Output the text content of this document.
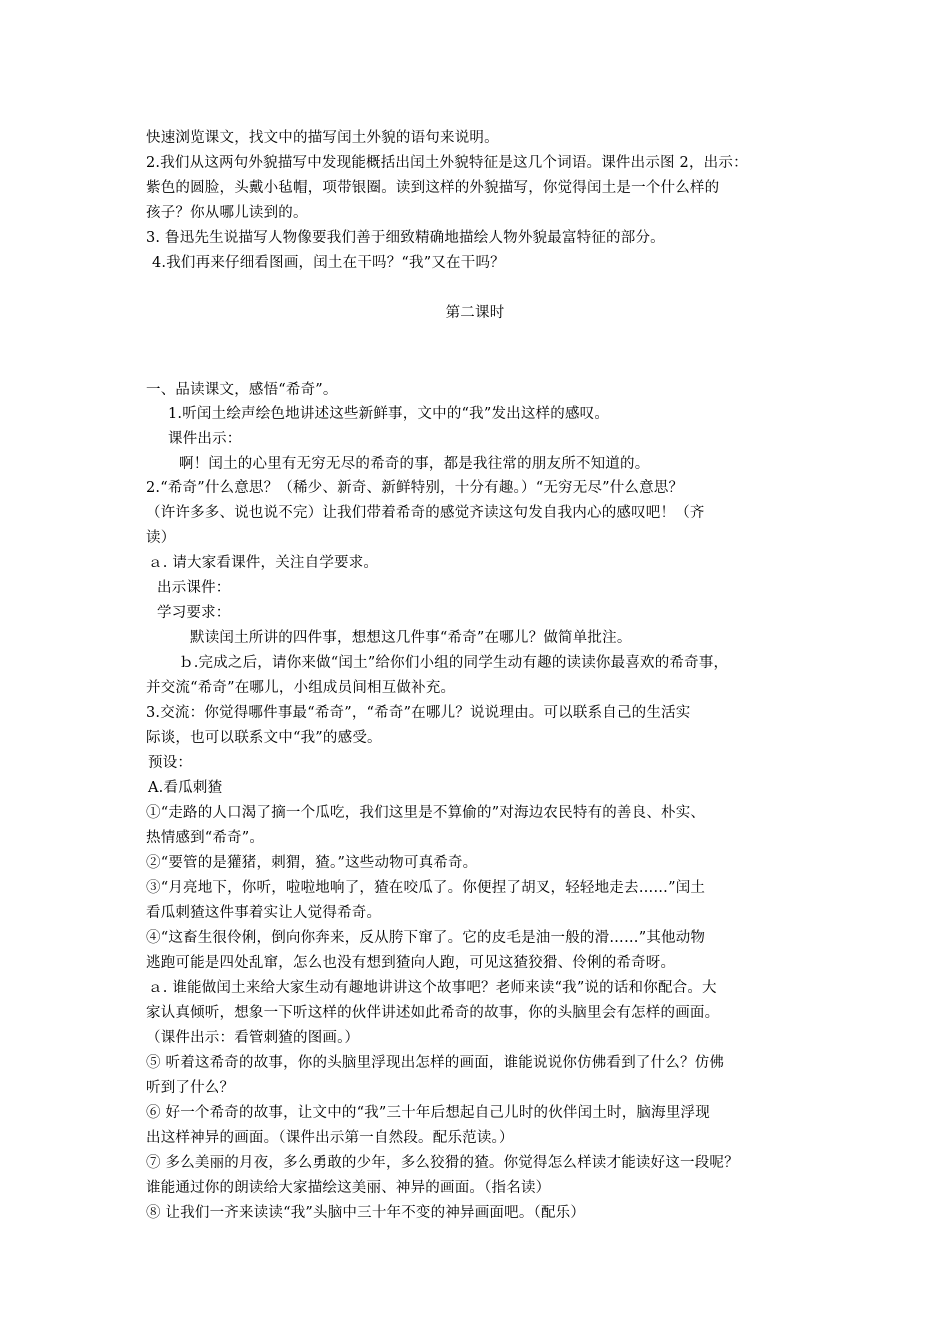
快速浏览课文，找文中的描写闰土外貌的语句来说明。
2.我们从这两句外貌描写中发现能概括出闰土外貌特征是这几个词语。课件出示图 2，出示：
紫色的圆脸，头戴小毡帽，项带银圈。读到这样的外貌描写，你觉得闰土是一个什么样的
孩子？你从哪儿读到的。
3. 鲁迅先生说描写人物像要我们善于细致精确地描绘人物外貌最富特征的部分。
4.我们再来仔细看图画，闰土在干吗？“我”又在干吗？
第二课时
一、品读课文，感悟“希奇”。
1.听闰土绘声绘色地讲述这些新鲜事，文中的“我”发出这样的感叹。
课件出示：
啊！闰土的心里有无穷无尽的希奇的事，都是我往常的朋友所不知道的。
2.“希奇”什么意思？（稀少、新奇、新鲜特别，十分有趣。）“无穷无尽”什么意思？
（许许多多、说也说不完）让我们带着希奇的感觉齐读这句发自我内心的感叹吧！（齐
读）
ａ. 请大家看课件，关注自学要求。
出示课件：
学习要求：
默读闰土所讲的四件事，想想这几件事“希奇”在哪儿？做简单批注。
ｂ.完成之后，请你来做“闰土”给你们小组的同学生动有趣的读读你最喜欢的希奇事，
并交流“希奇”在哪儿，小组成员间相互做补充。
3.交流：你觉得哪件事最“希奇”，“希奇”在哪儿？说说理由。可以联系自己的生活实
际谈，也可以联系文中“我”的感受。
预设：
A.看瓜刺猹
①“走路的人口渴了摘一个瓜吃，我们这里是不算偷的”对海边农民特有的善良、朴实、
热情感到“希奇”。
②“要管的是獾猪，刺猬，猹。”这些动物可真希奇。
③“月亮地下，你听，啦啦地响了，猹在咬瓜了。你便捏了胡叉，轻轻地走去……”闰土
看瓜刺猹这件事着实让人觉得希奇。
④“这畜生很伶俐，倒向你奔来，反从胯下窜了。它的皮毛是油一般的滑……”其他动物
逃跑可能是四处乱窜，怎么也没有想到猹向人跑，可见这猹狡猾、伶俐的希奇呀。
ａ. 谁能做闰土来给大家生动有趣地讲讲这个故事吧？老师来读“我”说的话和你配合。大
家认真倾听，想象一下听这样的伙伴讲述如此希奇的故事，你的头脑里会有怎样的画面。
（课件出示：看管刺猹的图画。）
⑤ 听着这希奇的故事，你的头脑里浮现出怎样的画面，谁能说说你仿佛看到了什么？仿佛
听到了什么？
⑥ 好一个希奇的故事，让文中的“我”三十年后想起自己儿时的伙伴闰土时，脑海里浮现
出这样神异的画面。（课件出示第一自然段。配乐范读。）
⑦ 多么美丽的月夜，多么勇敢的少年，多么狡猾的猹。你觉得怎么样读才能读好这一段呢？
谁能通过你的朗读给大家描绘这美丽、神异的画面。（指名读）
⑧ 让我们一齐来读读“我”头脑中三十年不变的神异画面吧。（配乐）
